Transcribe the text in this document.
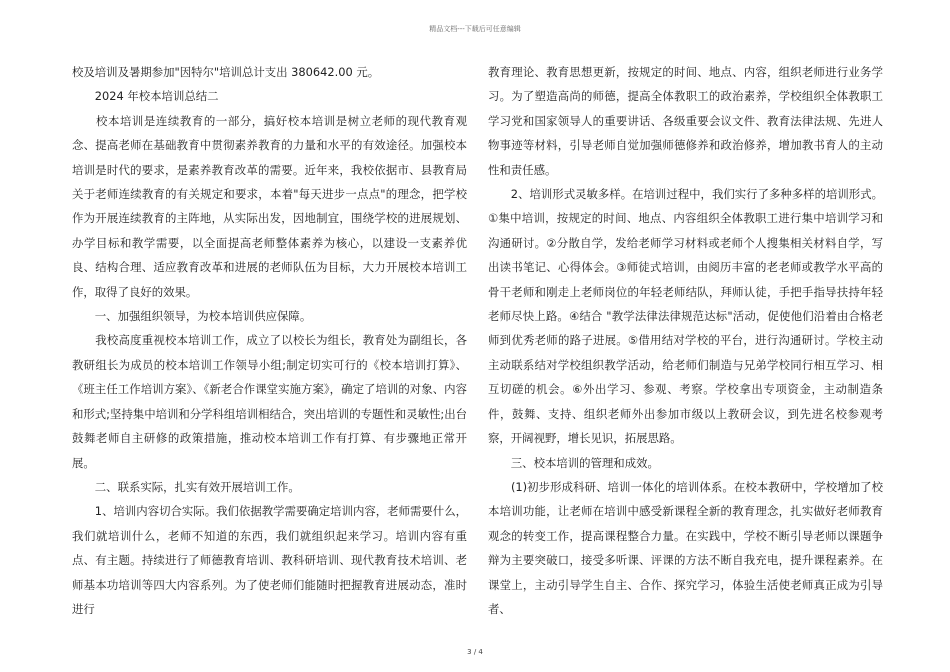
精品文档---下载后可任意编辑

校及培训及暑期参加"因特尔"培训总计支出 380642.00 元。

　　2024 年校本培训总结二

　　校本培训是连续教育的一部分，搞好校本培训是树立老师的现代教育观念、提高老师在基础教育中贯彻素养教育的力量和水平的有效途径。加强校本培训是时代的要求，是素养教育改革的需要。近年来，我校依据市、县教育局关于老师连续教育的有关规定和要求，本着"每天进步一点点"的理念，把学校作为开展连续教育的主阵地，从实际出发，因地制宜，围绕学校的进展规划、办学目标和教学需要，以全面提高老师整体素养为核心，以建设一支素养优良、结构合理、适应教育改革和进展的老师队伍为目标，大力开展校本培训工作，取得了良好的效果。

　　一、加强组织领导，为校本培训供应保障。

　　我校高度重视校本培训工作，成立了以校长为组长，教育处为副组长，各教研组长为成员的校本培训工作领导小组;制定切实可行的《校本培训打算》、《班主任工作培训方案》、《新老合作课堂实施方案》，确定了培训的对象、内容和形式;坚持集中培训和分学科组培训相结合，突出培训的专题性和灵敏性;出台鼓舞老师自主研修的政策措施，推动校本培训工作有打算、有步骤地正常开展。

　　二、联系实际，扎实有效开展培训工作。

　　1、培训内容切合实际。我们依据教学需要确定培训内容，老师需要什么，我们就培训什么，老师不知道的东西，我们就组织起来学习。培训内容有重点、有主题。持续进行了师德教育培训、教科研培训、现代教育技术培训、老师基本功培训等四大内容系列。为了使老师们能随时把握教育进展动态，准时进行

教育理论、教育思想更新，按规定的时间、地点、内容，组织老师进行业务学习。为了塑造高尚的师德，提高全体教职工的政治素养，学校组织全体教职工学习党和国家领导人的重要讲话、各级重要会议文件、教育法律法规、先进人物事迹等材料，引导老师自觉加强师德修养和政治修养，增加教书育人的主动性和责任感。

　　2、培训形式灵敏多样。在培训过程中，我们实行了多种多样的培训形式。①集中培训，按规定的时间、地点、内容组织全体教职工进行集中培训学习和沟通研讨。②分散自学，发给老师学习材料或老师个人搜集相关材料自学，写出读书笔记、心得体会。③师徒式培训，由阅历丰富的老老师或教学水平高的骨干老师和刚走上老师岗位的年轻老师结队，拜师认徒，手把手指导扶持年轻老师尽快上路。④结合 "教学法律法律规范达标"活动，促使他们沿着由合格老师到优秀老师的路子进展。⑤借用结对学校的平台，进行沟通研讨。学校主动主动联系结对学校组织教学活动，给老师们制造与兄弟学校同行相互学习、相互切磋的机会。⑥外出学习、参观、考察。学校拿出专项资金，主动制造条件，鼓舞、支持、组织老师外出参加市级以上教研会议，到先进名校参观考察，开阔视野，增长见识，拓展思路。

　　三、校本培训的管理和成效。

　　(1)初步形成科研、培训一体化的培训体系。在校本教研中，学校增加了校本培训功能，让老师在培训中感受新课程全新的教育理念，扎实做好老师教育观念的转变工作，提高课程整合力量。在实践中，学校不断引导老师以课题争辩为主要突破口，接受多听课、评课的方法不断自我充电，提升课程素养。在课堂上，主动引导学生自主、合作、探究学习，体验生活使老师真正成为引导者、

3 / 4
